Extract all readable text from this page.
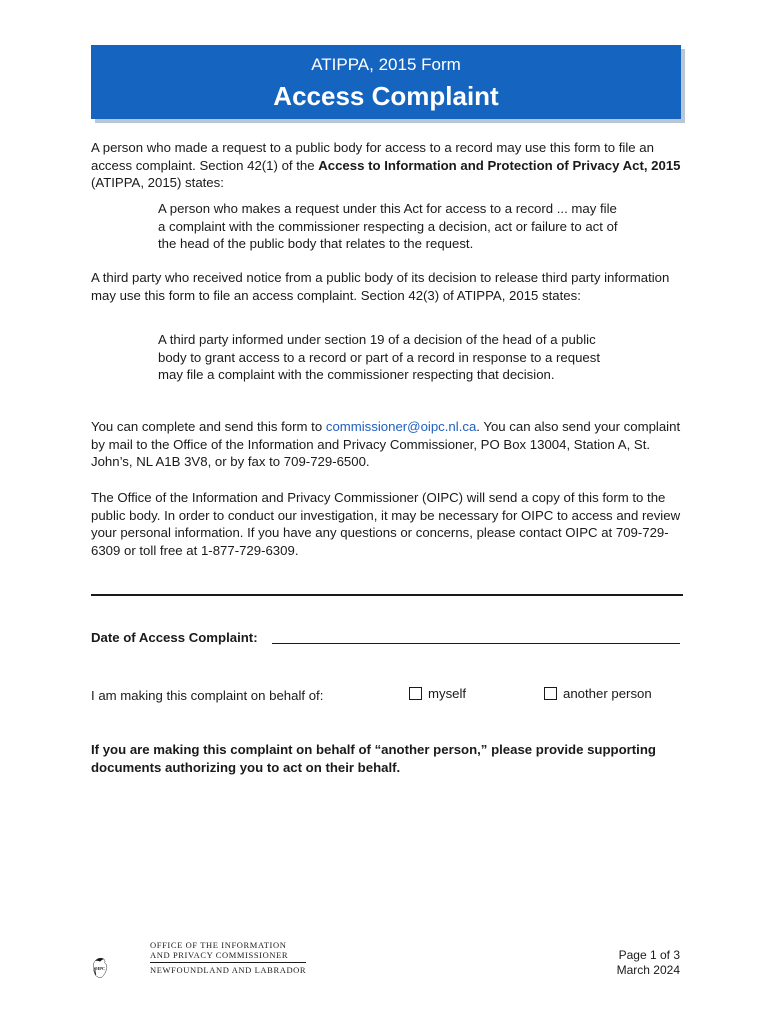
ATIPPA, 2015 Form
Access Complaint
A person who made a request to a public body for access to a record may use this form to file an access complaint. Section 42(1) of the Access to Information and Protection of Privacy Act, 2015 (ATIPPA, 2015) states:
A person who makes a request under this Act for access to a record ... may file a complaint with the commissioner respecting a decision, act or failure to act of the head of the public body that relates to the request.
A third party who received notice from a public body of its decision to release third party information may use this form to file an access complaint. Section 42(3) of ATIPPA, 2015 states:
A third party informed under section 19 of a decision of the head of a public body to grant access to a record or part of a record in response to a request may file a complaint with the commissioner respecting that decision.
You can complete and send this form to commissioner@oipc.nl.ca. You can also send your complaint by mail to the Office of the Information and Privacy Commissioner, PO Box 13004, Station A, St. John’s, NL A1B 3V8, or by fax to 709-729-6500.
The Office of the Information and Privacy Commissioner (OIPC) will send a copy of this form to the public body. In order to conduct our investigation, it may be necessary for OIPC to access and review your personal information. If you have any questions or concerns, please contact OIPC at 709-729-6309 or toll free at 1-877-729-6309.
Date of Access Complaint:
I am making this complaint on behalf of:	myself	another person
If you are making this complaint on behalf of “another person,” please provide supporting documents authorizing you to act on their behalf.
OIPC
OFFICE OF THE INFORMATION
AND PRIVACY COMMISSIONER
NEWFOUNDLAND AND LABRADOR
Page 1 of 3
March 2024
